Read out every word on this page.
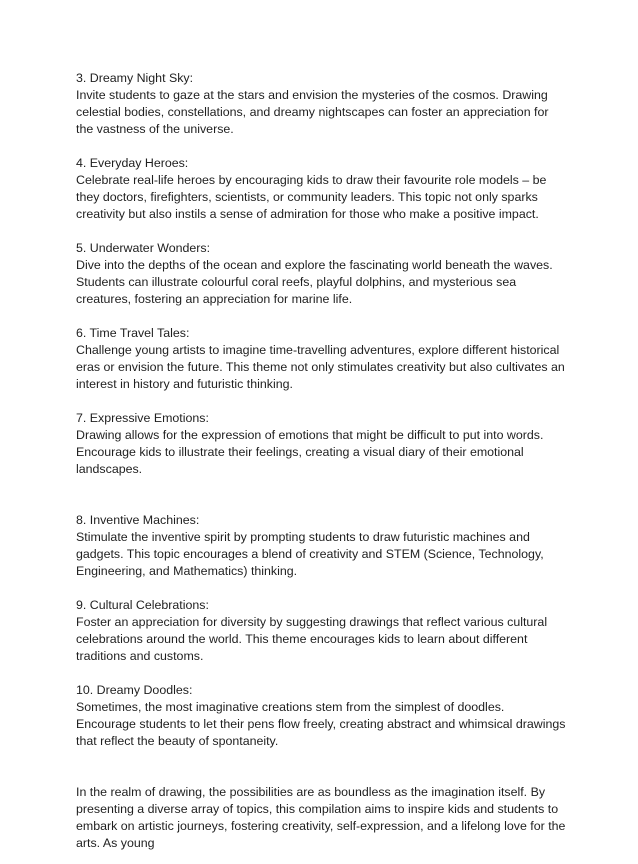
3. Dreamy Night Sky:
Invite students to gaze at the stars and envision the mysteries of the cosmos. Drawing celestial bodies, constellations, and dreamy nightscapes can foster an appreciation for the vastness of the universe.
4. Everyday Heroes:
Celebrate real-life heroes by encouraging kids to draw their favourite role models – be they doctors, firefighters, scientists, or community leaders. This topic not only sparks creativity but also instils a sense of admiration for those who make a positive impact.
5. Underwater Wonders:
Dive into the depths of the ocean and explore the fascinating world beneath the waves. Students can illustrate colourful coral reefs, playful dolphins, and mysterious sea creatures, fostering an appreciation for marine life.
6. Time Travel Tales:
Challenge young artists to imagine time-travelling adventures, explore different historical eras or envision the future. This theme not only stimulates creativity but also cultivates an interest in history and futuristic thinking.
7. Expressive Emotions:
Drawing allows for the expression of emotions that might be difficult to put into words. Encourage kids to illustrate their feelings, creating a visual diary of their emotional landscapes.
8. Inventive Machines:
Stimulate the inventive spirit by prompting students to draw futuristic machines and gadgets. This topic encourages a blend of creativity and STEM (Science, Technology, Engineering, and Mathematics) thinking.
9. Cultural Celebrations:
Foster an appreciation for diversity by suggesting drawings that reflect various cultural celebrations around the world. This theme encourages kids to learn about different traditions and customs.
10. Dreamy Doodles:
Sometimes, the most imaginative creations stem from the simplest of doodles. Encourage students to let their pens flow freely, creating abstract and whimsical drawings that reflect the beauty of spontaneity.

In the realm of drawing, the possibilities are as boundless as the imagination itself. By presenting a diverse array of topics, this compilation aims to inspire kids and students to embark on artistic journeys, fostering creativity, self-expression, and a lifelong love for the arts. As young
